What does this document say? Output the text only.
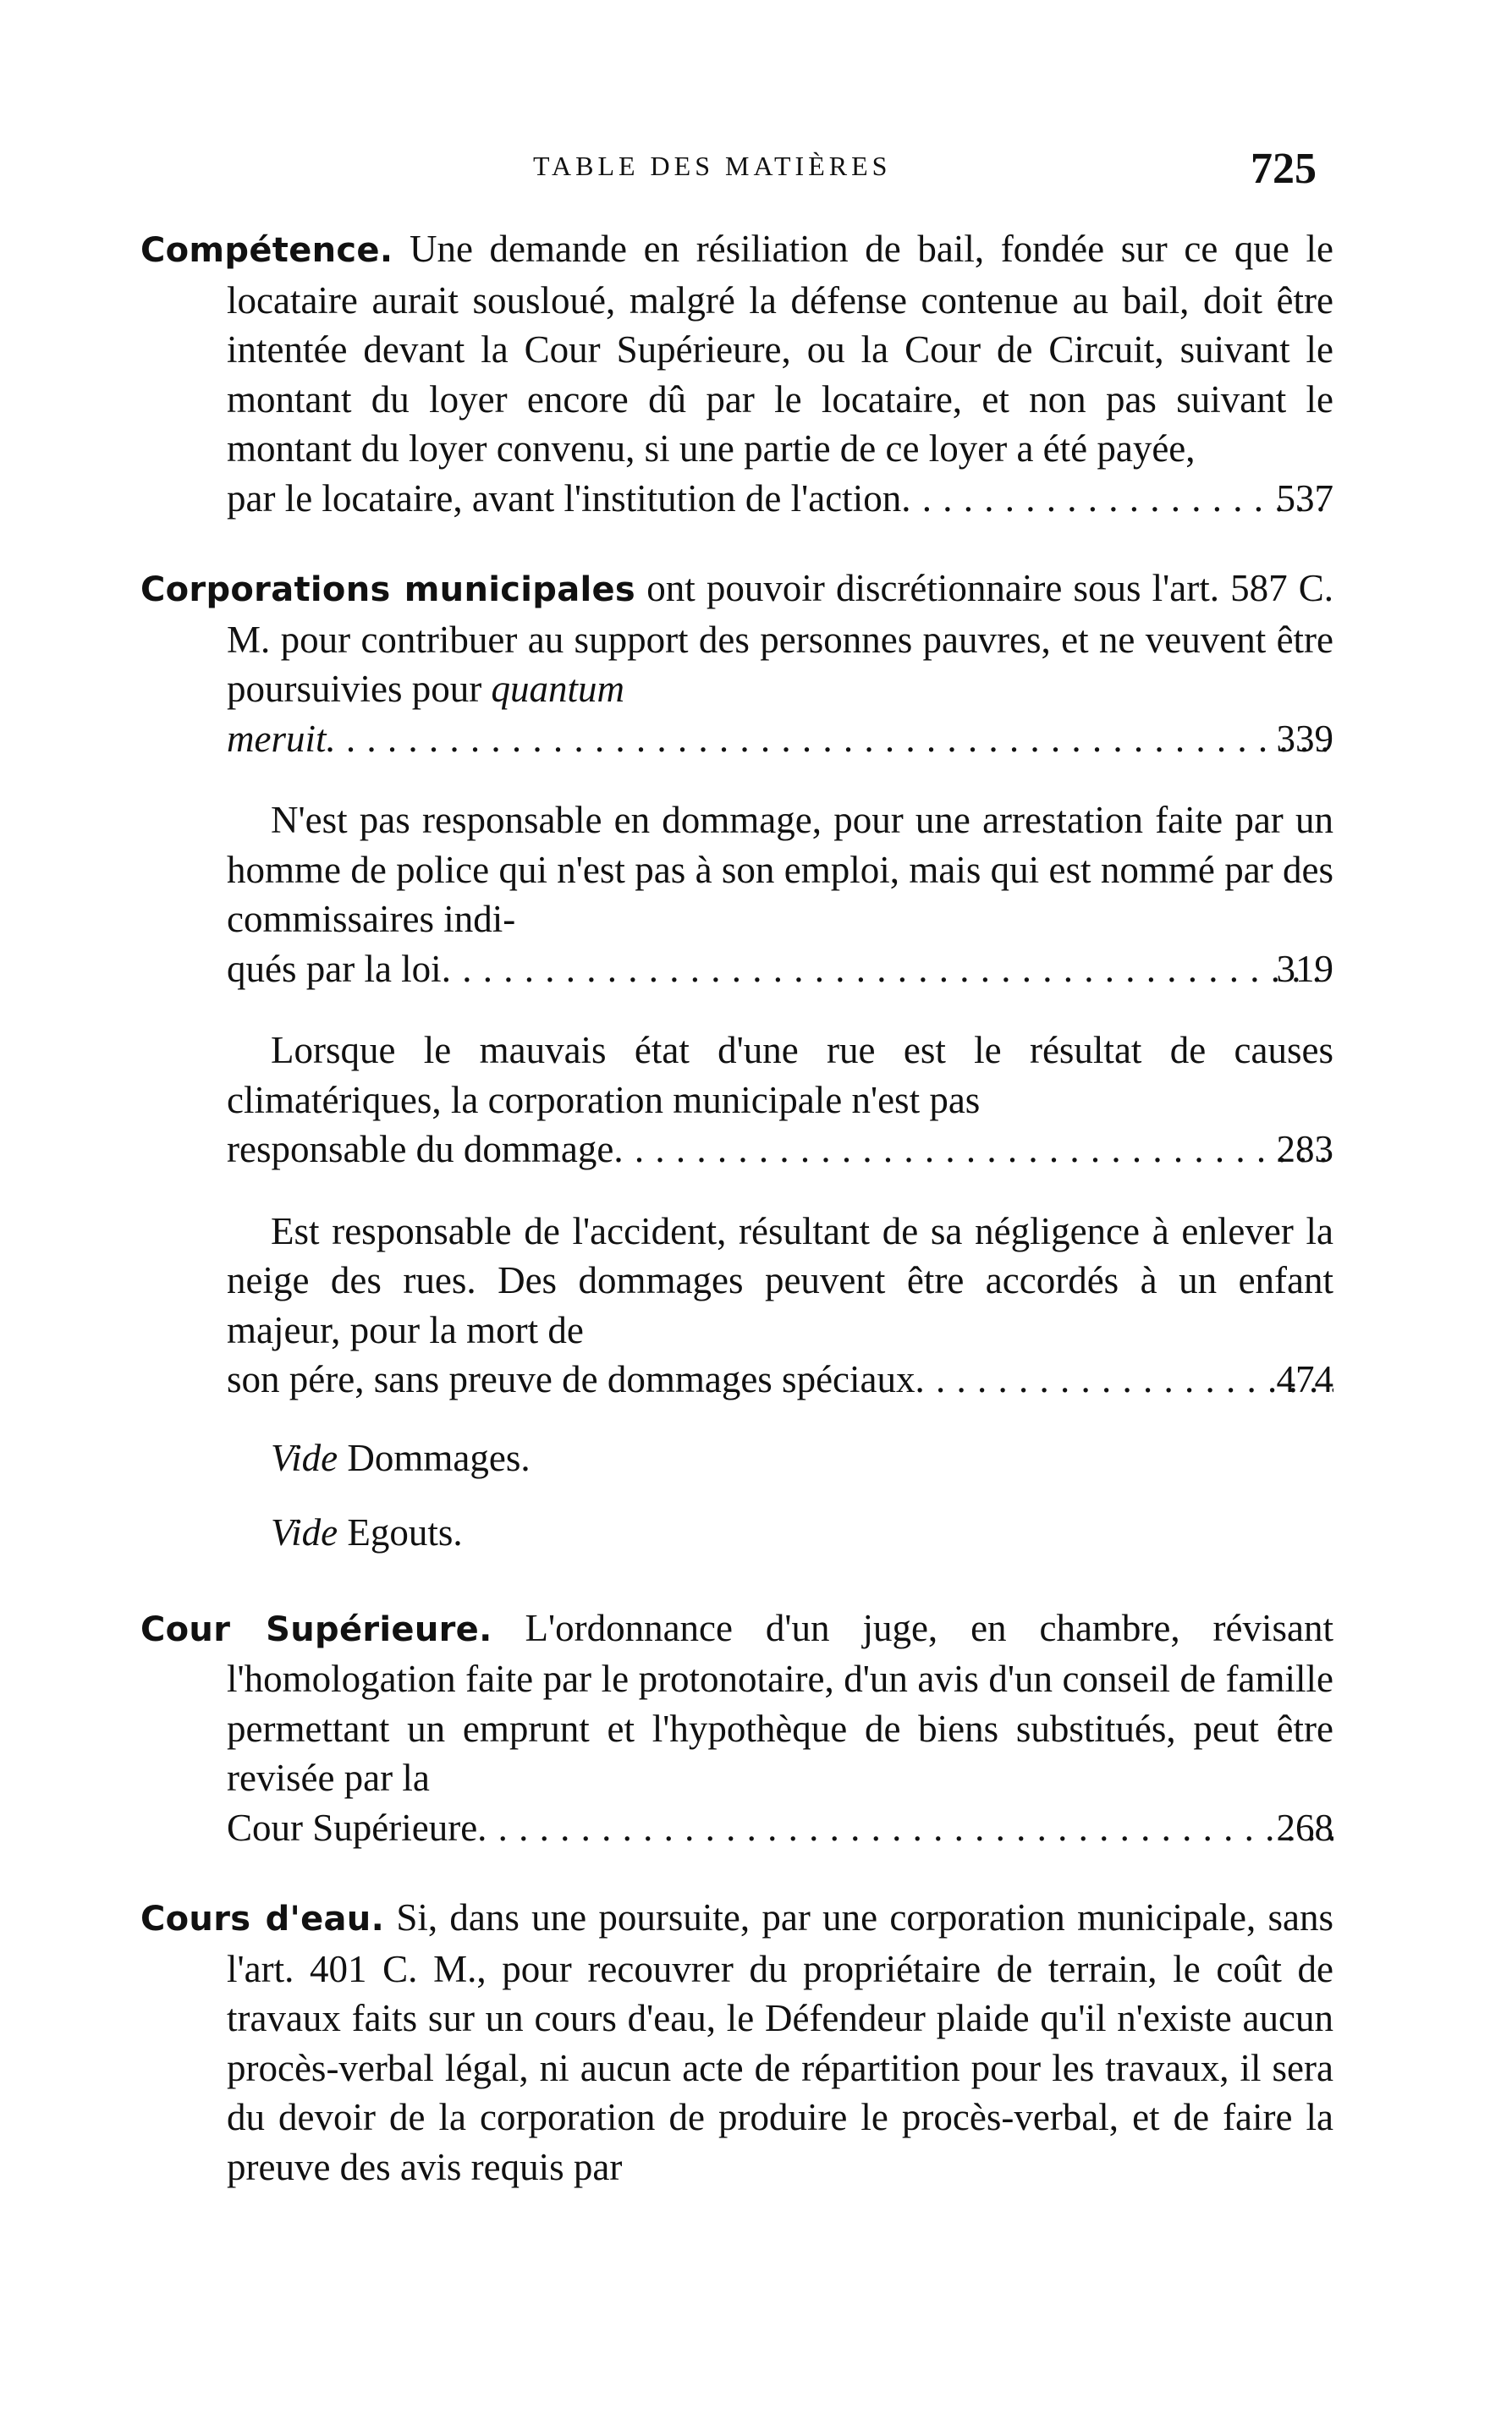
TABLE DES MATIÈRES	725

Compétence. Une demande en résiliation de bail, fondée sur ce que le locataire aurait sousloué, malgré la défense contenue au bail, doit être intentée devant la Cour Supérieure, ou la Cour de Circuit, suivant le montant du loyer encore dû par le locataire, et non pas suivant le montant du loyer convenu, si une partie de ce loyer a été payée,
537
par le locataire, avant l'institution de l'action . . .

Corporations municipales ont pouvoir discrétionnaire sous l'art. 587 C. M. pour contribuer au support des personnes pauvres, et ne veuvent être poursuivies pour quantum
339
meruit . . .

N'est pas responsable en dommage, pour une arrestation faite par un homme de police qui n'est pas à son emploi, mais qui est nommé par des commissaires indi-
319
qués par la loi . . .

Lorsque le mauvais état d'une rue est le résultat de causes climatériques, la corporation municipale n'est pas
283
responsable du dommage . . .

Est responsable de l'accident, résultant de sa négligence à enlever la neige des rues. Des dommages peuvent être accordés à un enfant majeur, pour la mort de
474
son pére, sans preuve de dommages spéciaux . . .

Vide Dommages.

Vide Egouts.

Cour Supérieure. L'ordonnance d'un juge, en chambre, révisant l'homologation faite par le protonotaire, d'un avis d'un conseil de famille permettant un emprunt et l'hypothèque de biens substitués, peut être revisée par la
268
Cour Supérieure . . .

Cours d'eau. Si, dans une poursuite, par une corporation municipale, sans l'art. 401 C. M., pour recouvrer du propriétaire de terrain, le coût de travaux faits sur un cours d'eau, le Défendeur plaide qu'il n'existe aucun procès-verbal légal, ni aucun acte de répartition pour les travaux, il sera du devoir de la corporation de produire le procès-verbal, et de faire la preuve des avis requis par
